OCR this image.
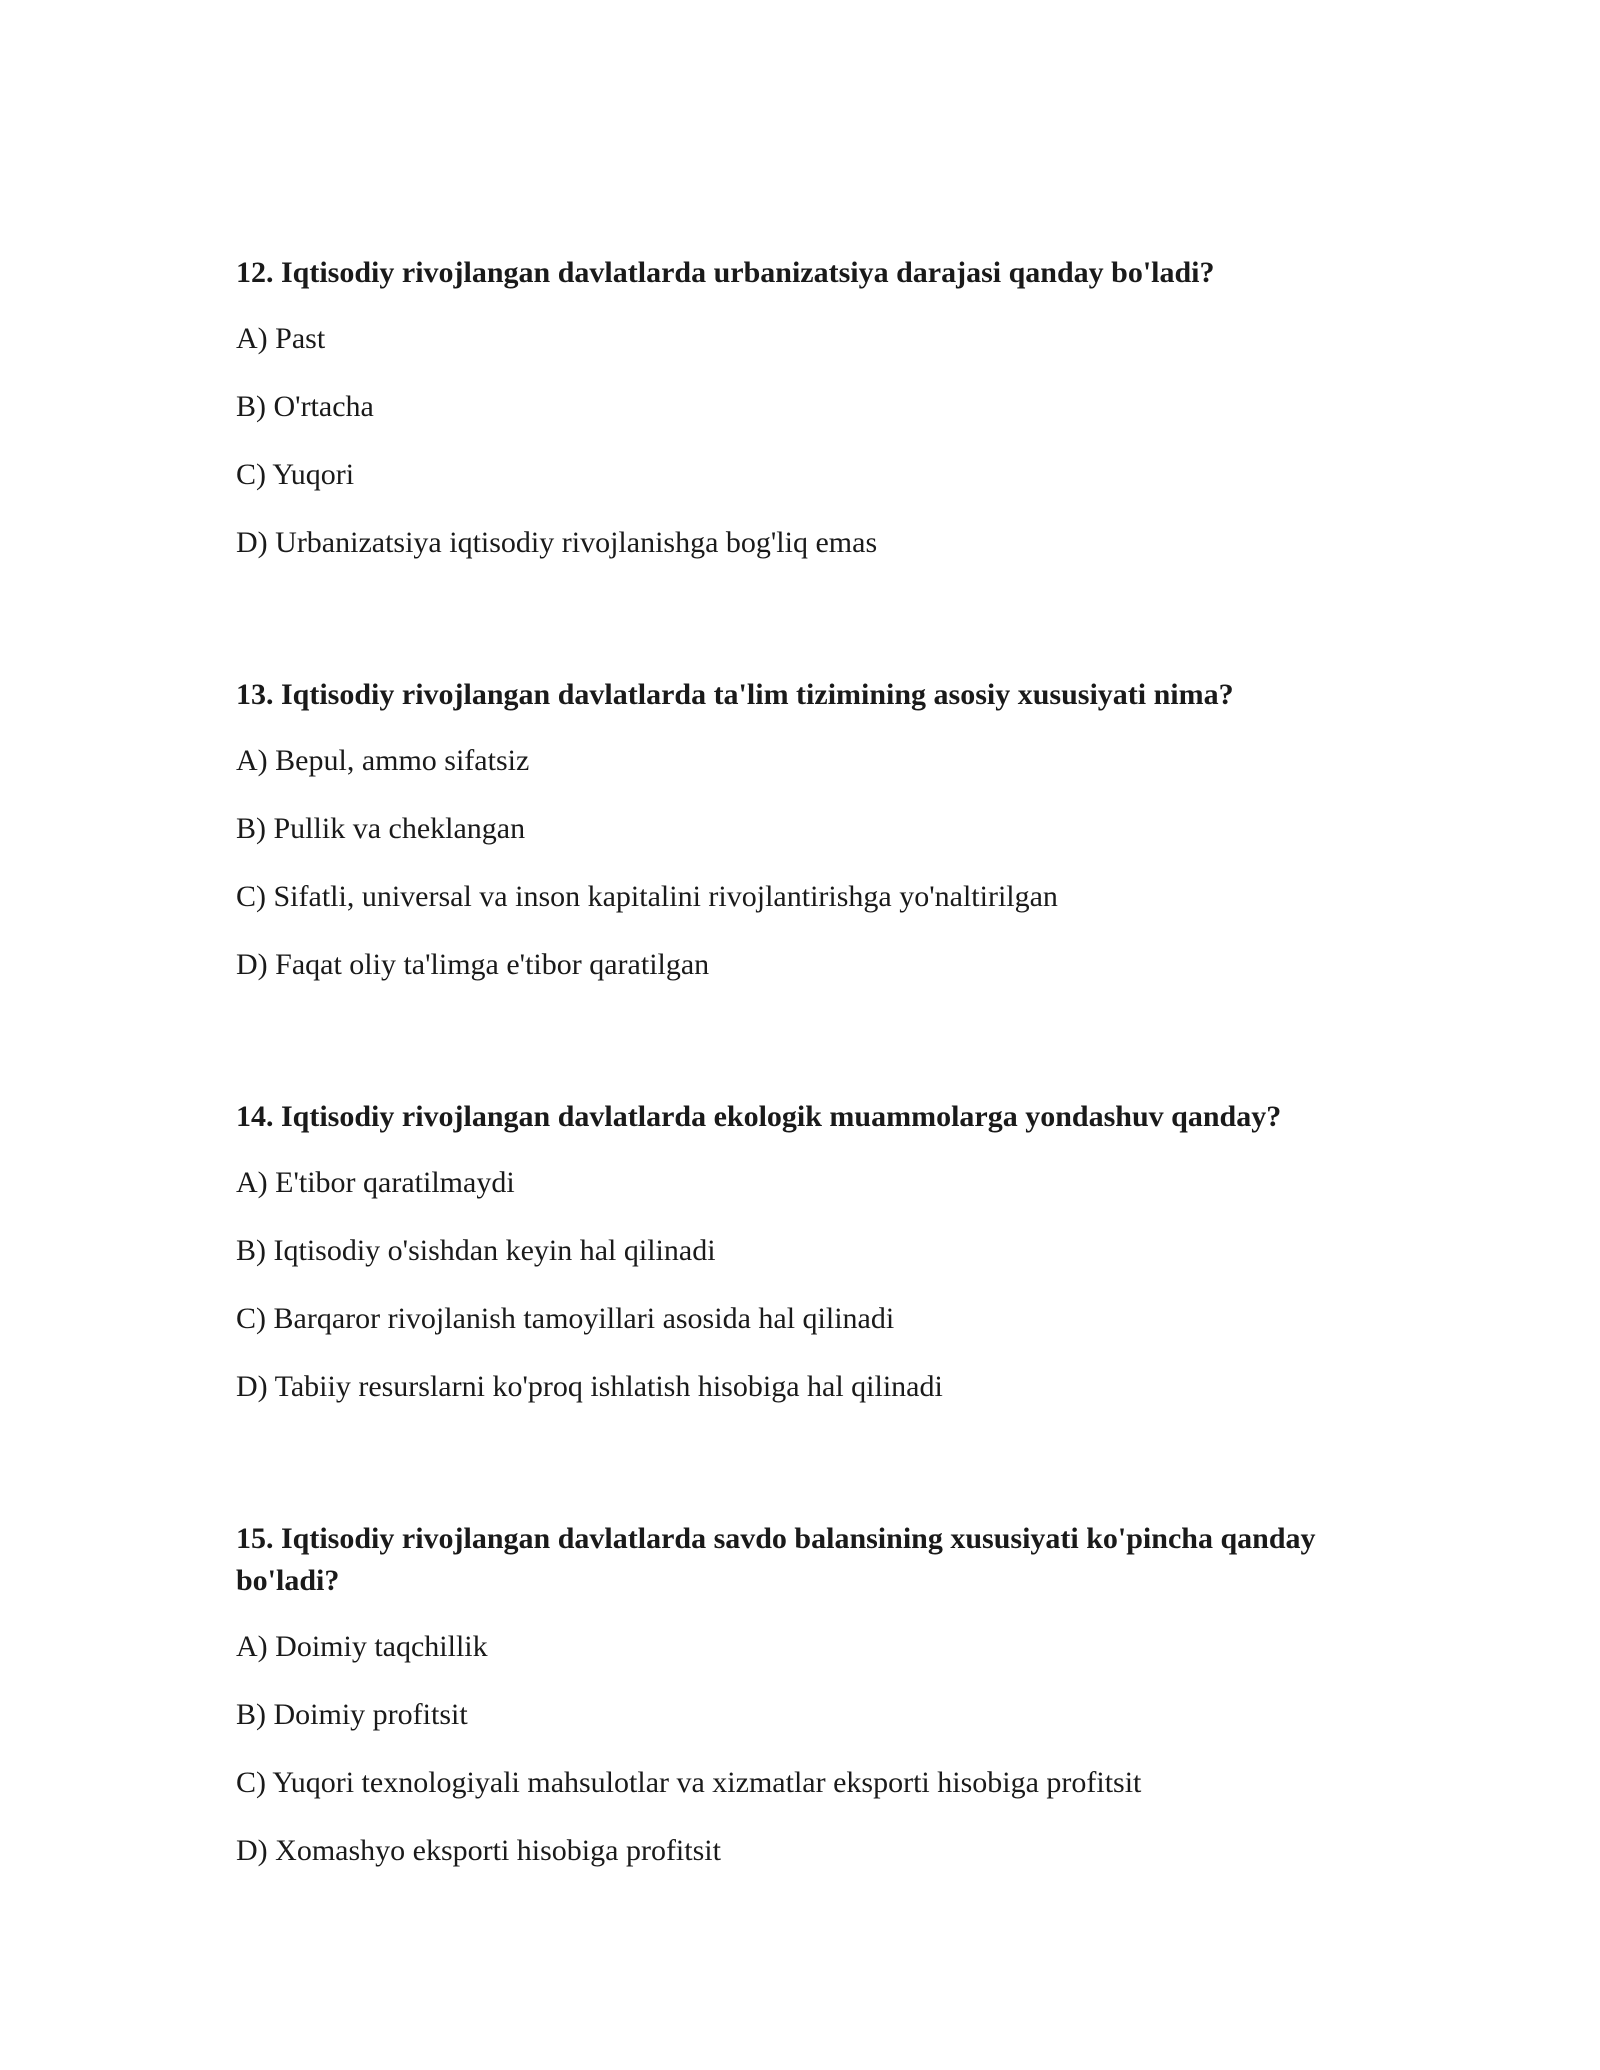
12. Iqtisodiy rivojlangan davlatlarda urbanizatsiya darajasi qanday bo'ladi?

A) Past

B) O'rtacha

C) Yuqori

D) Urbanizatsiya iqtisodiy rivojlanishga bog'liq emas

13. Iqtisodiy rivojlangan davlatlarda ta'lim tizimining asosiy xususiyati nima?

A) Bepul, ammo sifatsiz

B) Pullik va cheklangan

C) Sifatli, universal va inson kapitalini rivojlantirishga yo'naltirilgan

D) Faqat oliy ta'limga e'tibor qaratilgan

14. Iqtisodiy rivojlangan davlatlarda ekologik muammolarga yondashuv qanday?

A) E'tibor qaratilmaydi

B) Iqtisodiy o'sishdan keyin hal qilinadi

C) Barqaror rivojlanish tamoyillari asosida hal qilinadi

D) Tabiiy resurslarni ko'proq ishlatish hisobiga hal qilinadi

15. Iqtisodiy rivojlangan davlatlarda savdo balansining xususiyati ko'pincha qanday bo'ladi?

A) Doimiy taqchillik

B) Doimiy profitsit

C) Yuqori texnologiyali mahsulotlar va xizmatlar eksporti hisobiga profitsit

D) Xomashyo eksporti hisobiga profitsit
